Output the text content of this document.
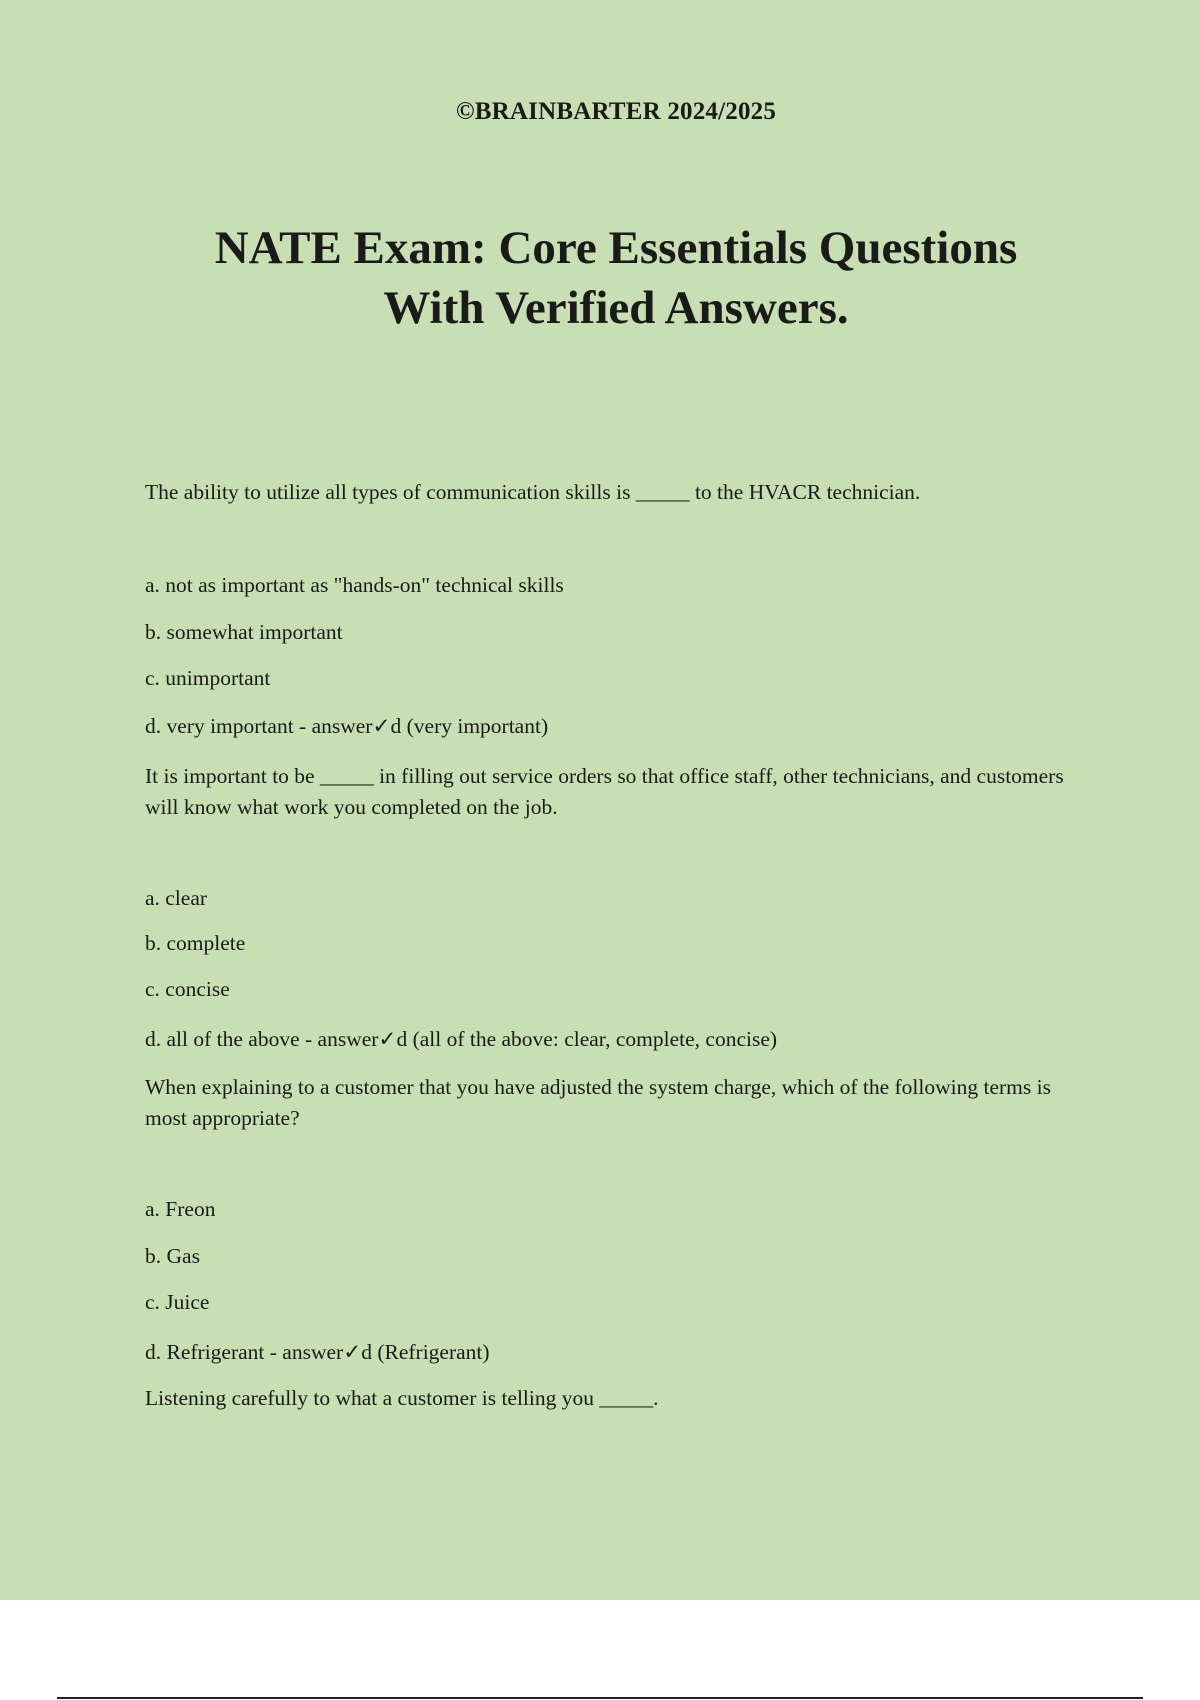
©BRAINBARTER 2024/2025
NATE Exam: Core Essentials Questions
With Verified Answers.
The ability to utilize all types of communication skills is _____ to the HVACR technician.
a. not as important as "hands-on" technical skills
b. somewhat important
c. unimportant
d. very important - answer✓d (very important)
It is important to be _____ in filling out service orders so that office staff, other technicians, and customers will know what work you completed on the job.
a. clear
b. complete
c. concise
d. all of the above - answer✓d (all of the above: clear, complete, concise)
When explaining to a customer that you have adjusted the system charge, which of the following terms is most appropriate?
a. Freon
b. Gas
c. Juice
d. Refrigerant - answer✓d (Refrigerant)
Listening carefully to what a customer is telling you _____.
